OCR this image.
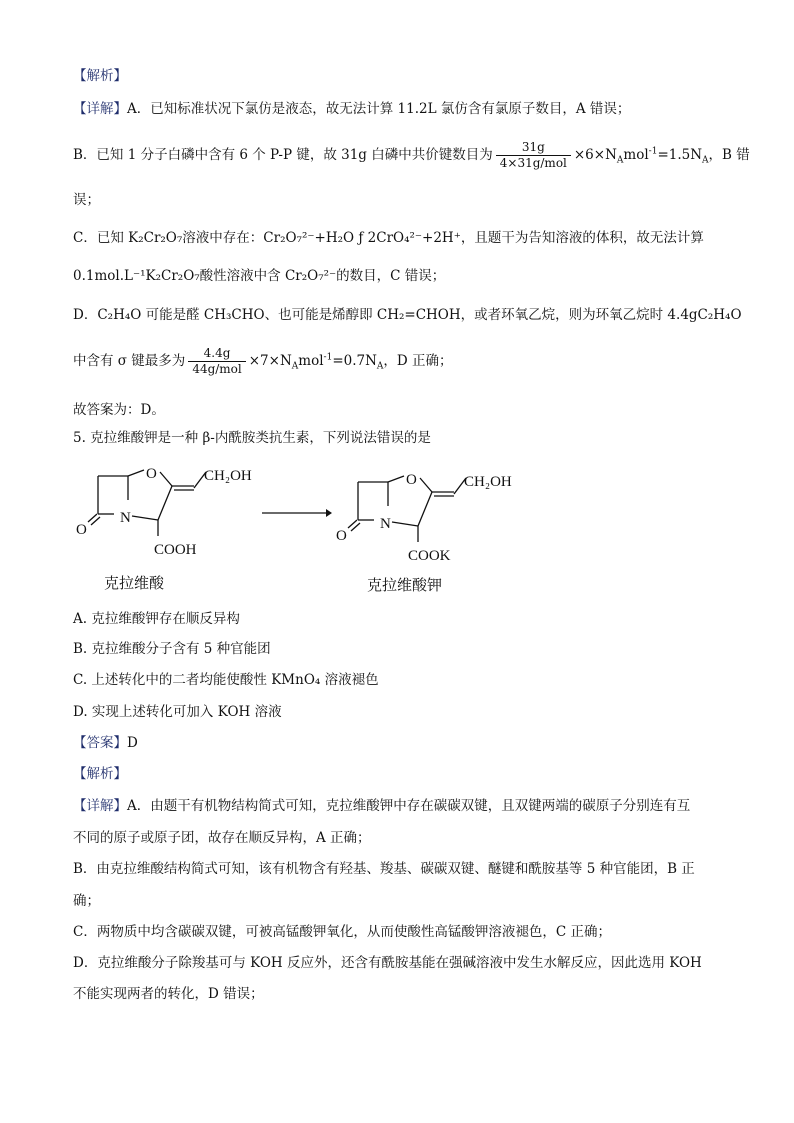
【解析】
【详解】A．已知标准状况下氯仿是液态，故无法计算 11.2L 氯仿含有氯原子数目，A 错误；
B．已知 1 分子白磷中含有 6 个 P-P 键，故 31g 白磷中共价键数目为 $\frac{31g}{\text{4×31g/mol}} \times 6\times N_Amol^{-1}=1.5N_A$，B 错
误；
C．已知 K₂Cr₂O₇溶液中存在：Cr₂O₇²⁻+H₂O ƒ 2CrO₄²⁻+2H⁺，且题干为告知溶液的体积，故无法计算
0.1mol.L⁻¹K₂Cr₂O₇酸性溶液中含 Cr₂O₇²⁻的数目，C 错误；
D．C₂H₄O 可能是醛 CH₃CHO、也可能是烯醇即 CH₂=CHOH，或者环氧乙烷，则为环氧乙烷时 4.4gC₂H₄O
中含有 σ 键最多为 $\frac{4.4g}{\text{44g/mol}} \times 7\times N_Amol^{-1}=0.7N_A$，D 正确；
故答案为：D。
5. 克拉维酸钾是一种 β-内酰胺类抗生素，下列说法错误的是
O
N
O
CH₂OH
COOH
O
N
O
CH₂OH
COOK
克拉维酸	克拉维酸钾
A. 克拉维酸钾存在顺反异构
B. 克拉维酸分子含有 5 种官能团
C. 上述转化中的二者均能使酸性 KMnO₄ 溶液褪色
D. 实现上述转化可加入 KOH 溶液
【答案】D
【解析】
【详解】A．由题干有机物结构简式可知，克拉维酸钾中存在碳碳双键，且双键两端的碳原子分别连有互
不同的原子或原子团，故存在顺反异构，A 正确；
B．由克拉维酸结构简式可知，该有机物含有羟基、羧基、碳碳双键、醚键和酰胺基等 5 种官能团，B 正
确；
C．两物质中均含碳碳双键，可被高锰酸钾氧化，从而使酸性高锰酸钾溶液褪色，C 正确；
D．克拉维酸分子除羧基可与 KOH 反应外，还含有酰胺基能在强碱溶液中发生水解反应，因此选用 KOH
不能实现两者的转化，D 错误；
